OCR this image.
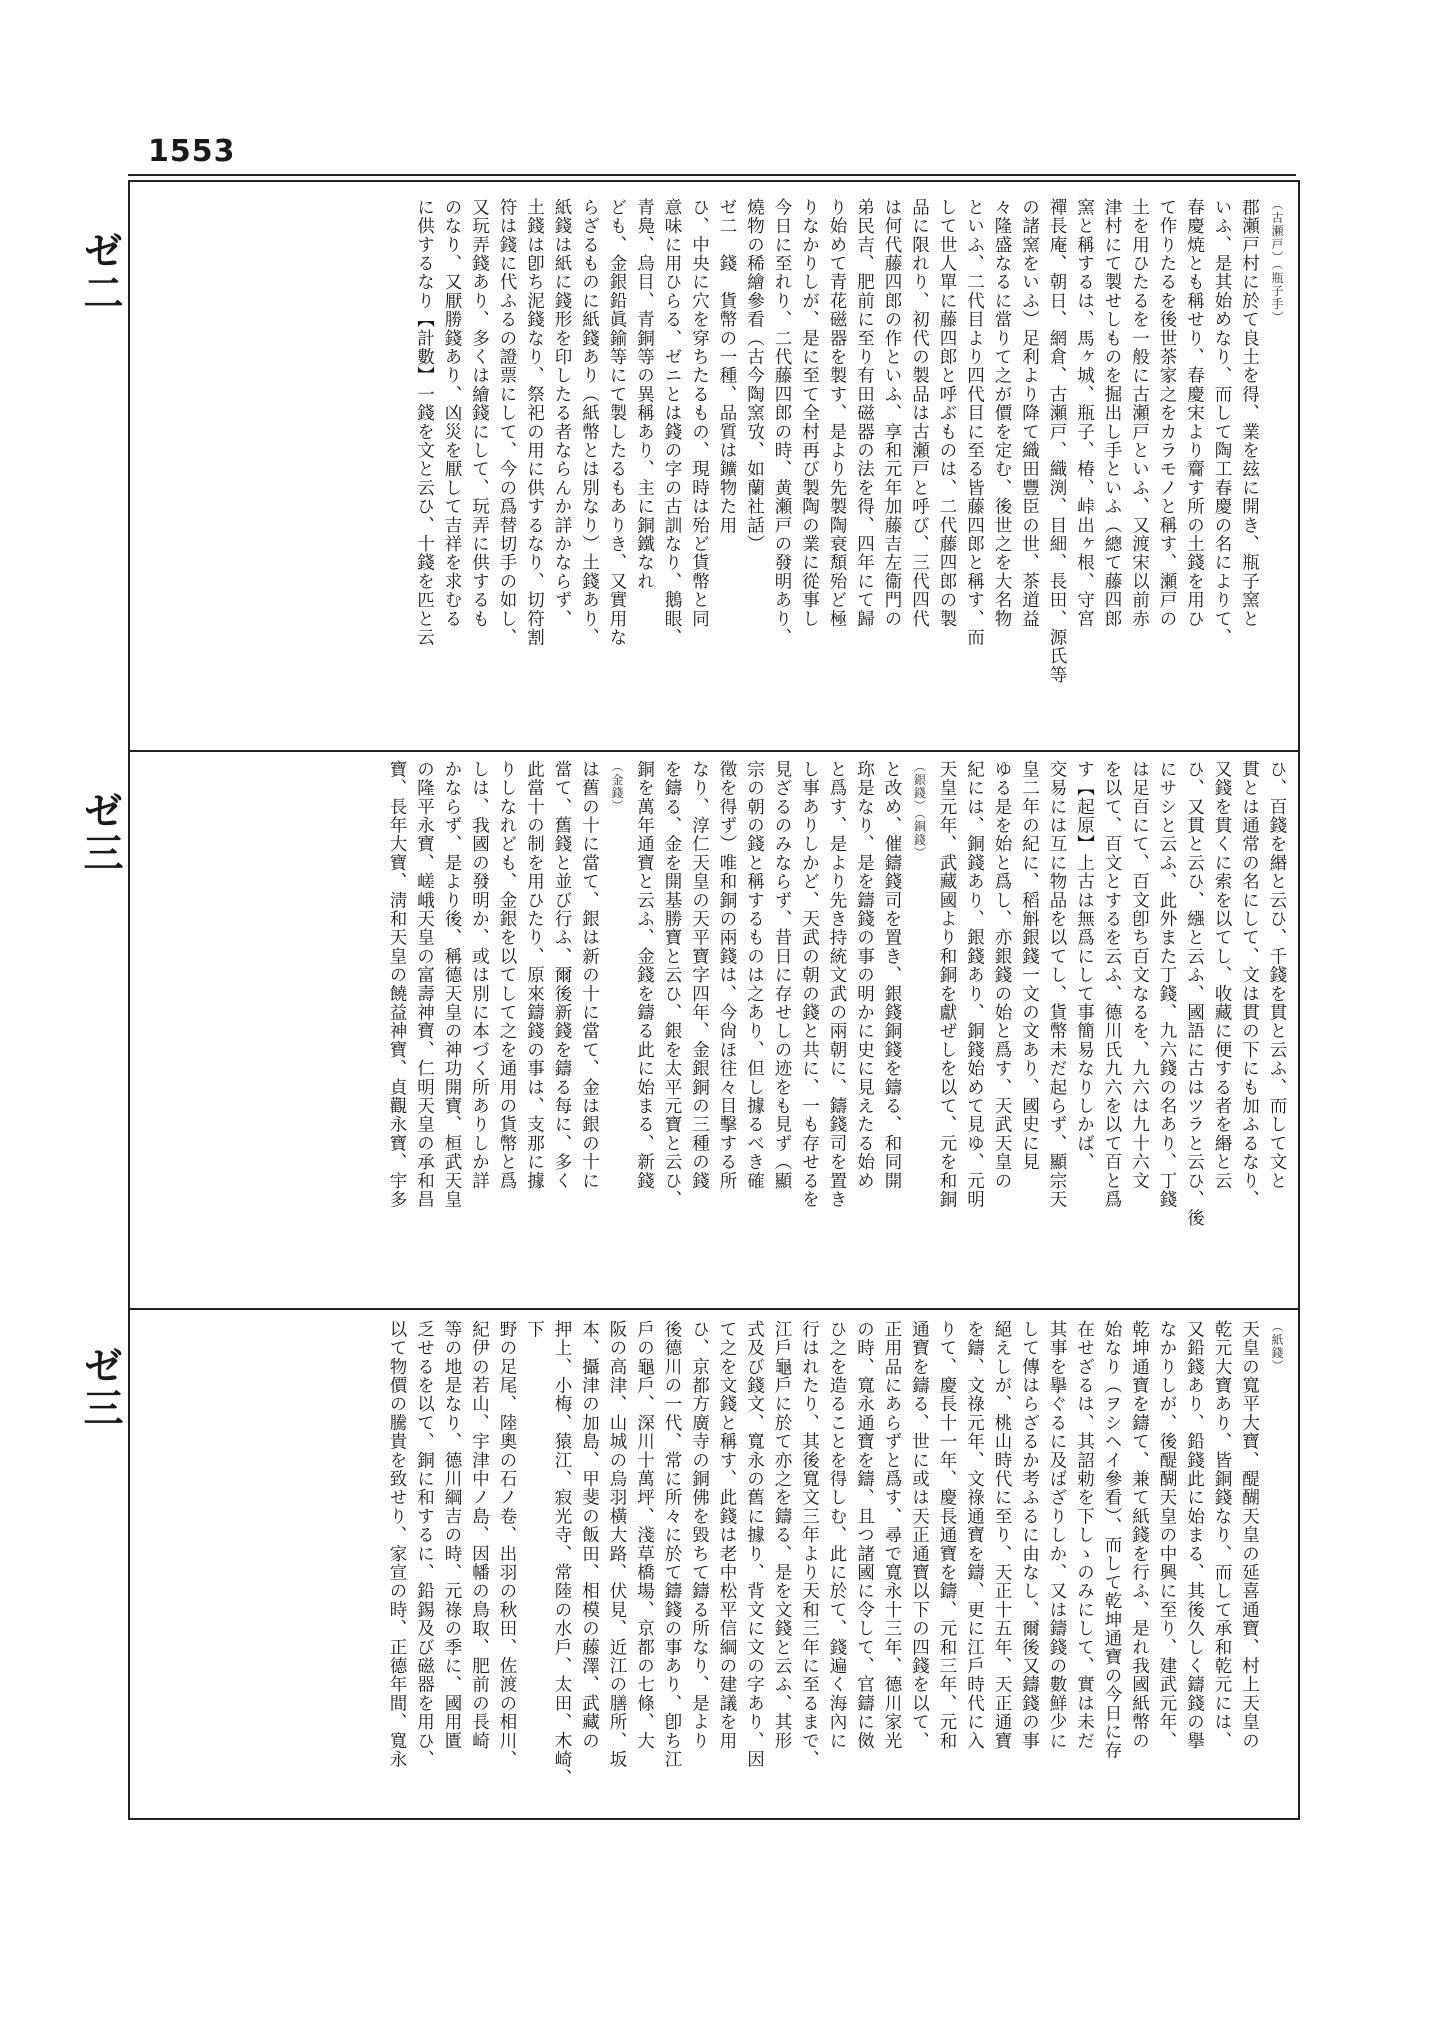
1553
ゼ二
ゼ三
ゼ三
（古瀬戸）（瓶子手）
郡瀬戸村に於て良土を得、業を玆に開き、瓶子窯と
いふ、是其始めなり、而して陶工春慶の名によりて、
春慶焼とも稱せり、春慶宋より齎す所の土錢を用ひ
て作りたるを後世茶家之をカラモノと稱す、瀬戸の
土を用ひたるを一般に古瀬戸といふ、又渡宋以前赤
津村にて製せしものを掘出し手といふ（總て藤四郎
窯と稱するは、馬ヶ城、瓶子、椿、峠出ヶ根、守宮
禪長庵、朝日、網倉、古瀬戸、織渕、目細、長田、源氏等
の諸窯をいふ）足利より降て織田豐臣の世、茶道益
々隆盛なるに當りて之が價を定む、後世之を大名物
といふ、二代目より四代目に至る皆藤四郎と稱す、而
して世人單に藤四郎と呼ぶものは、二代藤四郎の製
品に限れり、初代の製品は古瀬戸と呼び、三代四代
は何代藤四郎の作といふ、享和元年加藤吉左衞門の
弟民吉、肥前に至り有田磁器の法を得、四年にて歸
り始めて青花磁器を製す、是より先製陶衰頽殆ど極
りなかりしが、是に至て全村再び製陶の業に從事し
今日に至れり、二代藤四郎の時、黄瀬戸の發明あり、
燒物の稀繪參看（古今陶窯攷、如蘭社話）
ゼ二　錢　貨幣の一種、品質は鑛物た用
ひ、中央に穴を穿ちたるもの、現時は殆ど貨幣と同
意味に用ひらる、ゼニとは錢の字の古訓なり、鵝眼、
青鳧、烏目、青銅等の異稱あり、主に銅鐵なれ
ども、金銀鉛眞鍮等にて製したるもありき、又實用な
らざるものに紙錢あり（紙幣とは別なり）土錢あり、
紙錢は紙に錢形を印したる者ならんか詳かならず、
土錢は卽ち泥錢なり、祭祀の用に供するなり、切符割
符は錢に代ふるの證票にして、今の爲替切手の如し、
又玩弄錢あり、多くは繪錢にして、玩弄に供するも
のなり、又厭勝錢あり、凶災を厭して吉祥を求むる
に供するなり【計數】一錢を文と云ひ、十錢を匹と云
ひ、百錢を緡と云ひ、千錢を貫と云ふ、而して文と
貫とは通常の名にして、文は貫の下にも加ふるなり、
又錢を貫くに索を以てし、收藏に便する者を緡と云
ひ、又貫と云ひ、繦と云ふ、國語に古はツラと云ひ、後
にサシと云ふ、此外また丁錢、九六錢の名あり、丁錢
は足百にて、百文卽ち百文なるを、九六は九十六文
を以て、百文とするを云ふ、德川氏九六を以て百と爲
す【起原】上古は無爲にして事簡易なりしかば、
交易には互に物品を以てし、貨幣未だ起らず、顯宗天
皇二年の紀に、稻斛銀錢一文の文あり、國史に見
ゆる是を始と爲し、亦銀錢の始と爲す、天武天皇の
紀には、銅錢あり、銀錢あり、銅錢始めて見ゆ、元明
天皇元年、武藏國より和銅を獻ぜしを以て、元を和銅
（銀錢）（銅錢）
と改め、催鑄錢司を置き、銀錢銅錢を鑄る、和同開
珎是なり、是を鑄錢の事の明かに史に見えたる始め
と爲す、是より先き持統文武の兩朝に、鑄錢司を置き
し事ありしかど、天武の朝の錢と共に、一も存せるを
見ざるのみならず、昔日に存せしの迹をも見ず（顯
宗の朝の錢と稱するものは之あり、但し據るべき確
徵を得ず）唯和銅の兩錢は、今尙ほ往々目擊する所
なり、淳仁天皇の天平寶字四年、金銀銅の三種の錢
を鑄る、金を開基勝寶と云ひ、銀を太平元寶と云ひ、
銅を萬年通寶と云ふ、金錢を鑄る此に始まる、新錢
（金錢）
は舊の十に當て、銀は新の十に當て、金は銀の十に
當て、舊錢と並び行ふ、爾後新錢を鑄る每に、多く
此當十の制を用ひたり、原來鑄錢の事は、支那に據
りしなれども、金銀を以てして之を通用の貨幣と爲
しは、我國の發明か、或は別に本づく所ありしか詳
かならず、是より後、稱德天皇の神功開寶、桓武天皇
の隆平永寶、嵯峨天皇の富壽神寶、仁明天皇の承和昌
寶、長年大寶、淸和天皇の饒益神寶、貞觀永寶、宇多
（紙錢）
天皇の寬平大寶、醍醐天皇の延喜通寶、村上天皇の
乾元大寶あり、皆銅錢なり、而して承和乾元には、
又鉛錢あり、鉛錢此に始まる、其後久しく鑄錢の擧
なかりしが、後醍醐天皇の中興に至り、建武元年、
乾坤通寶を鑄て、兼て紙錢を行ふ、是れ我國紙幣の
始なり（ヲシヘイ參看）、而して乾坤通寶の今日に存
在せざるは、其詔勅を下しゝのみにして、實は未だ
其事を擧ぐるに及ばざりしか、又は鑄錢の數鮮少に
して傳はらざるか考ふるに由なし、爾後又鑄錢の事
絕えしが、桃山時代に至り、天正十五年、天正通寶
を鑄、文祿元年、文祿通寶を鑄、更に江戶時代に入
りて、慶長十一年、慶長通寶を鑄、元和三年、元和
通寶を鑄る、世に或は天正通寶以下の四錢を以て、
正用品にあらずと爲す、尋で寬永十三年、德川家光
の時、寬永通寶を鑄、且つ諸國に令して、官鑄に傚
ひ之を造ることを得しむ、此に於て、錢遍く海內に
行はれたり、其後寬文三年より天和三年に至るまで、
江戶龜戶に於て亦之を鑄る、是を文錢と云ふ、其形
式及び錢文、寬永の舊に據り、背文に文の字あり、因
て之を文錢と稱す、此錢は老中松平信綱の建議を用
ひ、京都方廣寺の銅佛を毀ちて鑄る所なり、是より
後德川の一代、常に所々に於て鑄錢の事あり、卽ち江
戶の龜戶、深川十萬坪、淺草橋場、京都の七條、大
阪の高津、山城の烏羽橫大路、伏見、近江の膳所、坂
本、攝津の加島、甲斐の飯田、相模の藤澤、武藏の
押上、小梅、猿江、寂光寺、常陸の水戶、太田、木崎、下
野の足尾、陸奧の石ノ卷、出羽の秋田、佐渡の相川、
紀伊の若山、宇津中ノ島、因幡の鳥取、肥前の長崎
等の地是なり、德川綱吉の時、元祿の季に、國用匱
乏せるを以て、銅に和するに、鉛錫及び磁器を用ひ、
以て物價の騰貴を致せり、家宣の時、正德年間、寬永
